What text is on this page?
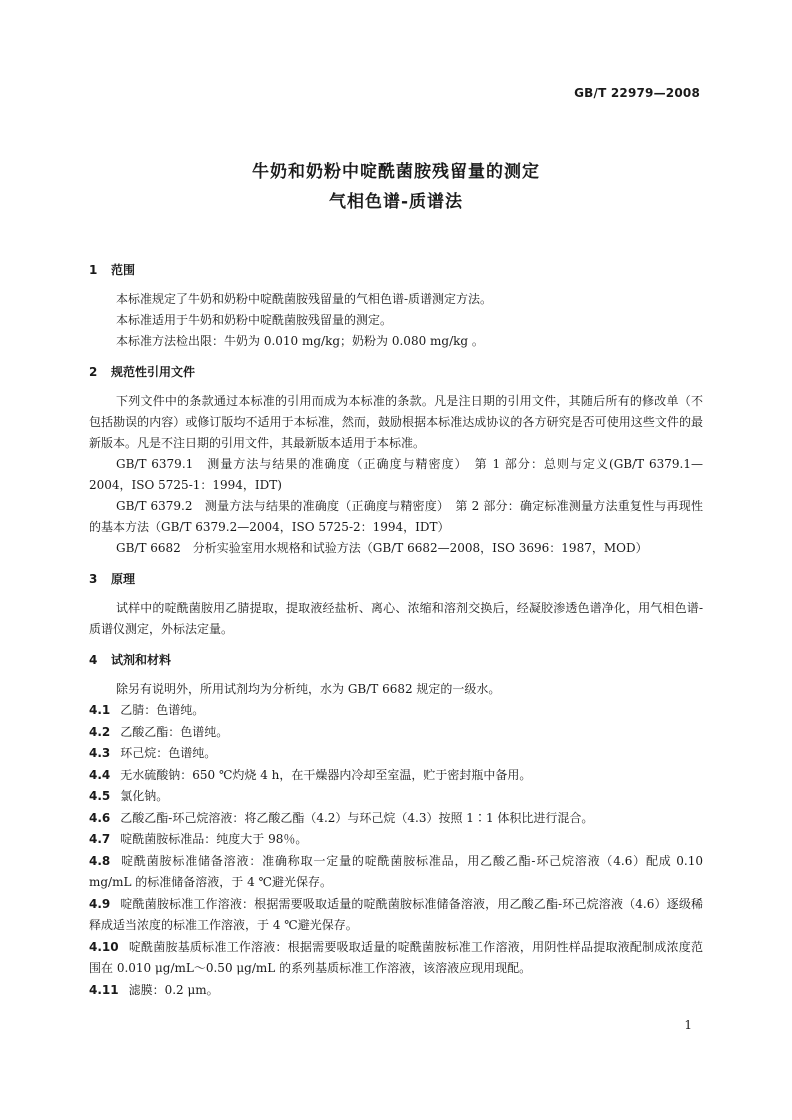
GB/T 22979—2008
牛奶和奶粉中啶酰菌胺残留量的测定
气相色谱-质谱法
1 范围

本标准规定了牛奶和奶粉中啶酰菌胺残留量的气相色谱-质谱测定方法。

本标准适用于牛奶和奶粉中啶酰菌胺残留量的测定。

本标准方法检出限：牛奶为 0.010 mg/kg；奶粉为 0.080 mg/kg 。

2 规范性引用文件

下列文件中的条款通过本标准的引用而成为本标准的条款。凡是注日期的引用文件，其随后所有的修改单（不包括勘误的内容）或修订版均不适用于本标准，然而，鼓励根据本标准达成协议的各方研究是否可使用这些文件的最新版本。凡是不注日期的引用文件，其最新版本适用于本标准。

GB/T 6379.1　测量方法与结果的准确度（正确度与精密度）　第 1 部分：总则与定义(GB/T 6379.1—2004，ISO 5725-1：1994，IDT)

GB/T 6379.2　测量方法与结果的准确度（正确度与精密度）　第 2 部分：确定标准测量方法重复性与再现性的基本方法（GB/T 6379.2—2004，ISO 5725-2：1994，IDT）

GB/T 6682　分析实验室用水规格和试验方法（GB/T 6682—2008，ISO 3696：1987，MOD）

3 原理

试样中的啶酰菌胺用乙腈提取，提取液经盐析、离心、浓缩和溶剂交换后，经凝胶渗透色谱净化，用气相色谱-质谱仪测定，外标法定量。

4 试剂和材料

除另有说明外，所用试剂均为分析纯，水为 GB/T 6682 规定的一级水。

4.1 乙腈：色谱纯。

4.2 乙酸乙酯：色谱纯。

4.3 环己烷：色谱纯。

4.4 无水硫酸钠：650 ℃灼烧 4 h，在干燥器内冷却至室温，贮于密封瓶中备用。

4.5 氯化钠。

4.6 乙酸乙酯-环己烷溶液：将乙酸乙酯（4.2）与环己烷（4.3）按照 1∶1 体积比进行混合。

4.7 啶酰菌胺标准品：纯度大于 98％。

4.8 啶酰菌胺标准储备溶液：准确称取一定量的啶酰菌胺标准品，用乙酸乙酯-环己烷溶液（4.6）配成 0.10 mg/mL 的标准储备溶液，于 4 ℃避光保存。

4.9 啶酰菌胺标准工作溶液：根据需要吸取适量的啶酰菌胺标准储备溶液，用乙酸乙酯-环己烷溶液（4.6）逐级稀释成适当浓度的标准工作溶液，于 4 ℃避光保存。

4.10 啶酰菌胺基质标准工作溶液：根据需要吸取适量的啶酰菌胺标准工作溶液，用阴性样品提取液配制成浓度范围在 0.010 μg/mL～0.50 μg/mL 的系列基质标准工作溶液，该溶液应现用现配。

4.11 滤膜：0.2 μm。

1
